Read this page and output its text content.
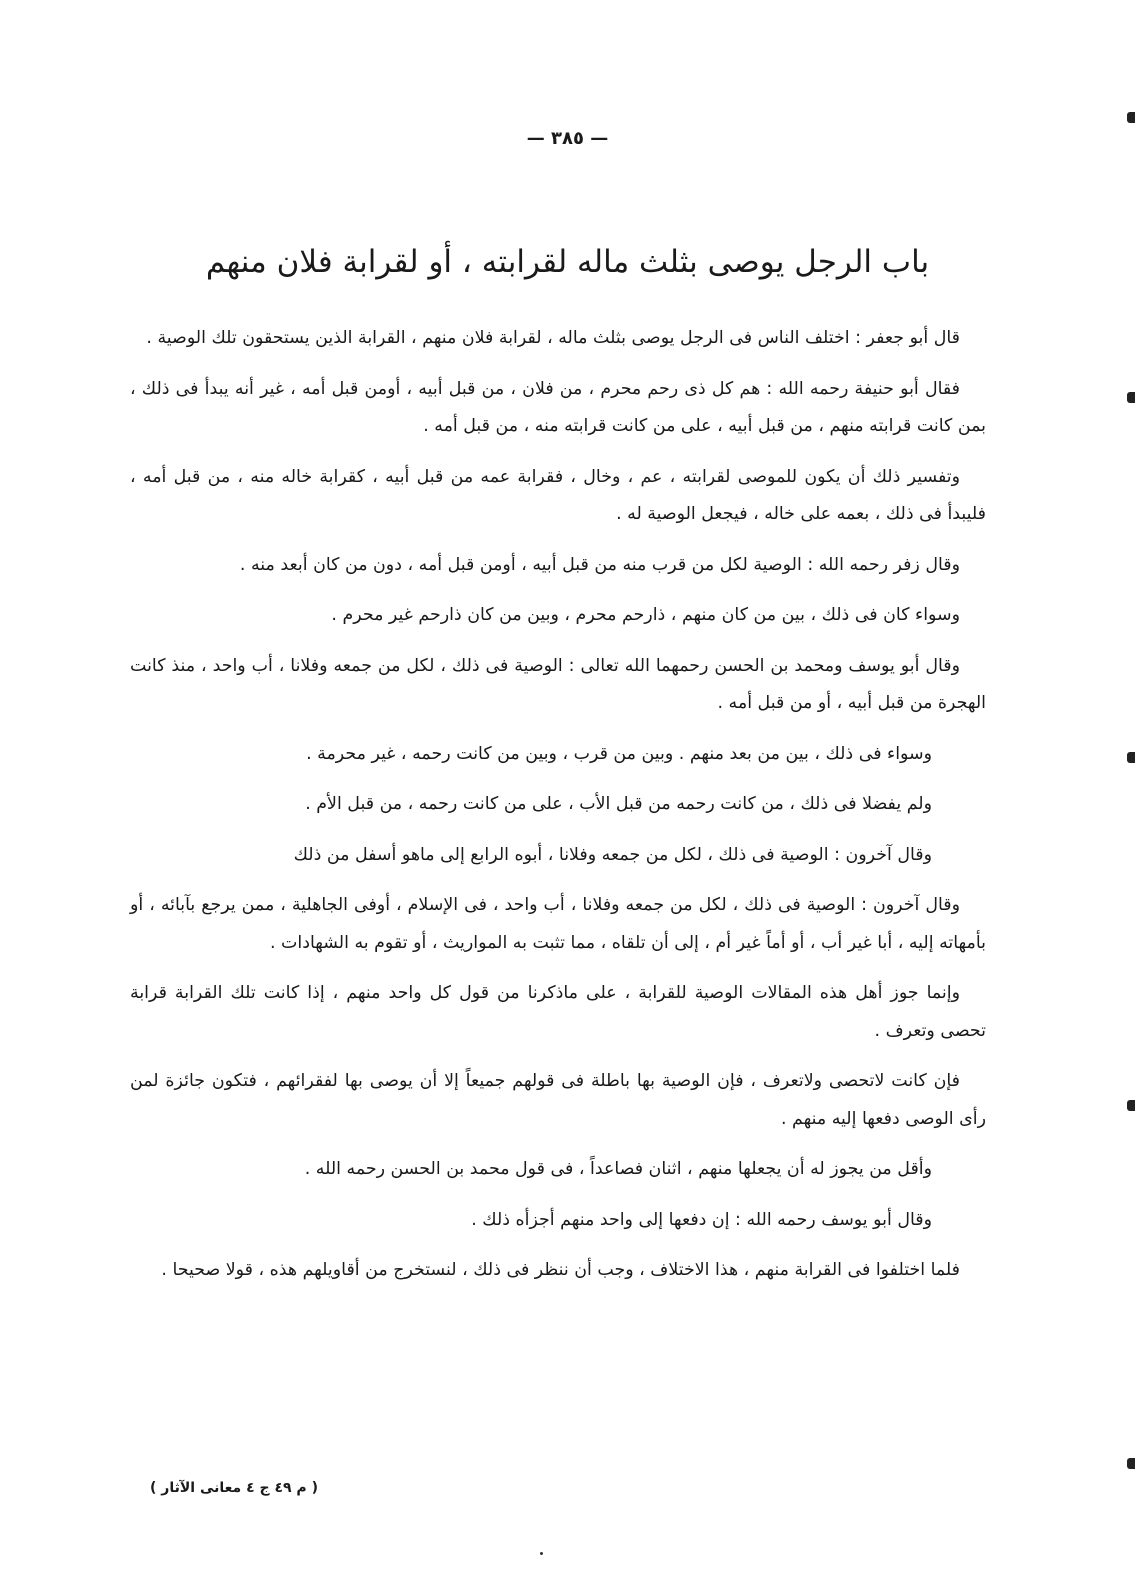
— ٣٨٥ —
باب الرجل يوصى بثلث ماله لقرابته ، أو لقرابة فلان منهم

قال أبو جعفر : اختلف الناس فى الرجل يوصى بثلث ماله ، لقرابة فلان منهم ، القرابة الذين يستحقون تلك الوصية .

فقال أبو حنيفة رحمه الله : هم كل ذى رحم محرم ، من فلان ، من قبل أبيه ، أومن قبل أمه ، غير أنه يبدأ فى ذلك ، بمن كانت قرابته منهم ، من قبل أبيه ، على من كانت قرابته منه ، من قبل أمه .

وتفسير ذلك أن يكون للموصى لقرابته ، عم ، وخال ، فقرابة عمه من قبل أبيه ، كقرابة خاله منه ، من قبل أمه ، فليبدأ فى ذلك ، بعمه على خاله ، فيجعل الوصية له .

وقال زفر رحمه الله : الوصية لكل من قرب منه من قبل أبيه ، أومن قبل أمه ، دون من كان أبعد منه .

وسواء كان فى ذلك ، بين من كان منهم ، ذارحم محرم ، وبين من كان ذارحم غير محرم .

وقال أبو يوسف ومحمد بن الحسن رحمهما الله تعالى : الوصية فى ذلك ، لكل من جمعه وفلانا ، أب واحد ، منذ كانت الهجرة من قبل أبيه ، أو من قبل أمه .

وسواء فى ذلك ، بين من بعد منهم . وبين من قرب ، وبين من كانت رحمه ، غير محرمة .

ولم يفضلا فى ذلك ، من كانت رحمه من قبل الأب ، على من كانت رحمه ، من قبل الأم .

وقال آخرون : الوصية فى ذلك ، لكل من جمعه وفلانا ، أبوه الرابع إلى ماهو أسفل من ذلك

وقال آخرون : الوصية فى ذلك ، لكل من جمعه وفلانا ، أب واحد ، فى الإسلام ، أوفى الجاهلية ، ممن يرجع بآبائه ، أو بأمهاته إليه ، أبا غير أب ، أو أماً غير أم ، إلى أن تلقاه ، مما تثبت به المواريث ، أو تقوم به الشهادات .

وإنما جوز أهل هذه المقالات الوصية للقرابة ، على ماذكرنا من قول كل واحد منهم ، إذا كانت تلك القرابة قرابة تحصى وتعرف .

فإن كانت لاتحصى ولاتعرف ، فإن الوصية بها باطلة فى قولهم جميعاً إلا أن يوصى بها لفقرائهم ، فتكون جائزة لمن رأى الوصى دفعها إليه منهم .

وأقل من يجوز له أن يجعلها منهم ، اثنان فصاعداً ، فى قول محمد بن الحسن رحمه الله .

وقال أبو يوسف رحمه الله : إن دفعها إلى واحد منهم أجزأه ذلك .

فلما اختلفوا فى القرابة منهم ، هذا الاختلاف ، وجب أن ننظر فى ذلك ، لنستخرج من أقاويلهم هذه ، قولا صحيحا .

( م ٤٩ ج ٤ معانى الآثار )
